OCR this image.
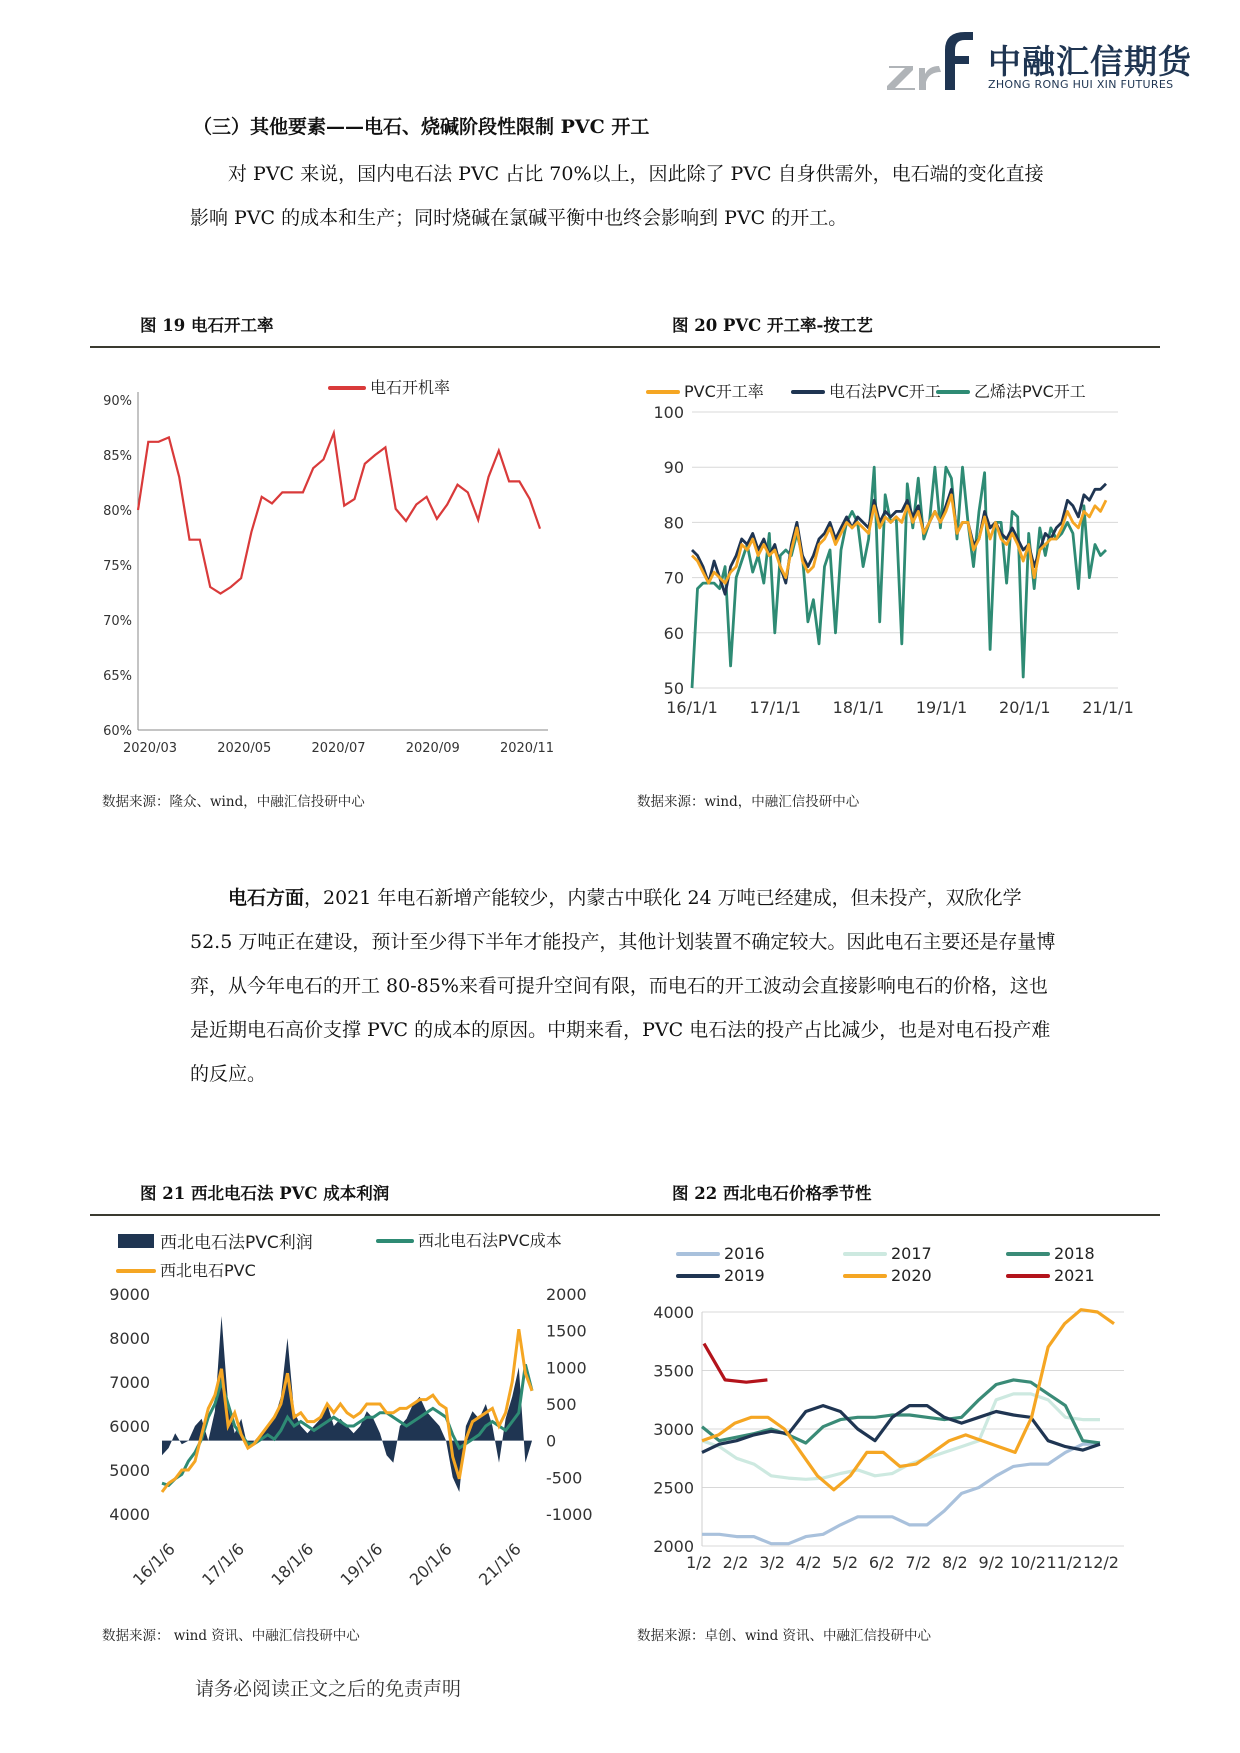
中融汇信期货
ZHONG RONG HUI XIN FUTURES
（三）其他要素——电石、烧碱阶段性限制 PVC 开工

对 PVC 来说，国内电石法 PVC 占比 70%以上，因此除了 PVC 自身供需外，电石端的变化直接影响 PVC 的成本和生产；同时烧碱在氯碱平衡中也终会影响到 PVC 的开工。

图 19 电石开工率	图 20 PVC 开工率-按工艺
60%
65%
70%
75%
80%
85%
90%
2020/03	2020/05	2020/07	2020/09	2020/11
电石开机率
50
60
70
80
90
100
16/1/1 17/1/1 18/1/1 19/1/1 20/1/1 21/1/1
PVC开工率	电石法PVC开工 乙烯法PVC开工
数据来源：隆众、wind，中融汇信投研中心	数据来源：wind，中融汇信投研中心

电石方面，2021 年电石新增产能较少，内蒙古中联化 24 万吨已经建成，但未投产，双欣化学 52.5 万吨正在建设，预计至少得下半年才能投产，其他计划装置不确定较大。因此电石主要还是存量博弈，从今年电石的开工 80-85%来看可提升空间有限，而电石的开工波动会直接影响电石的价格，这也是近期电石高价支撑 PVC 的成本的原因。中期来看，PVC 电石法的投产占比减少，也是对电石投产难的反应。

图 21 西北电石法 PVC 成本利润	图 22 西北电石价格季节性
4000
5000
6000
7000
8000
9000
-1000
-500
0
500
1000
1500
2000
16/1/6 17/1/6 18/1/6 19/1/6 20/1/6 21/1/6
西北电石法PVC利润	西北电石法PVC成本
西北电石PVC
2000
2500
3000
3500
4000
1/2 2/2 3/2 4/2 5/2 6/2 7/2 8/2 9/2 10/2 11/2 12/2
2016	2017	2018
2019	2020	2021
数据来源： wind 资讯、中融汇信投研中心	数据来源：卓创、wind 资讯、中融汇信投研中心
请务必阅读正文之后的免责声明
